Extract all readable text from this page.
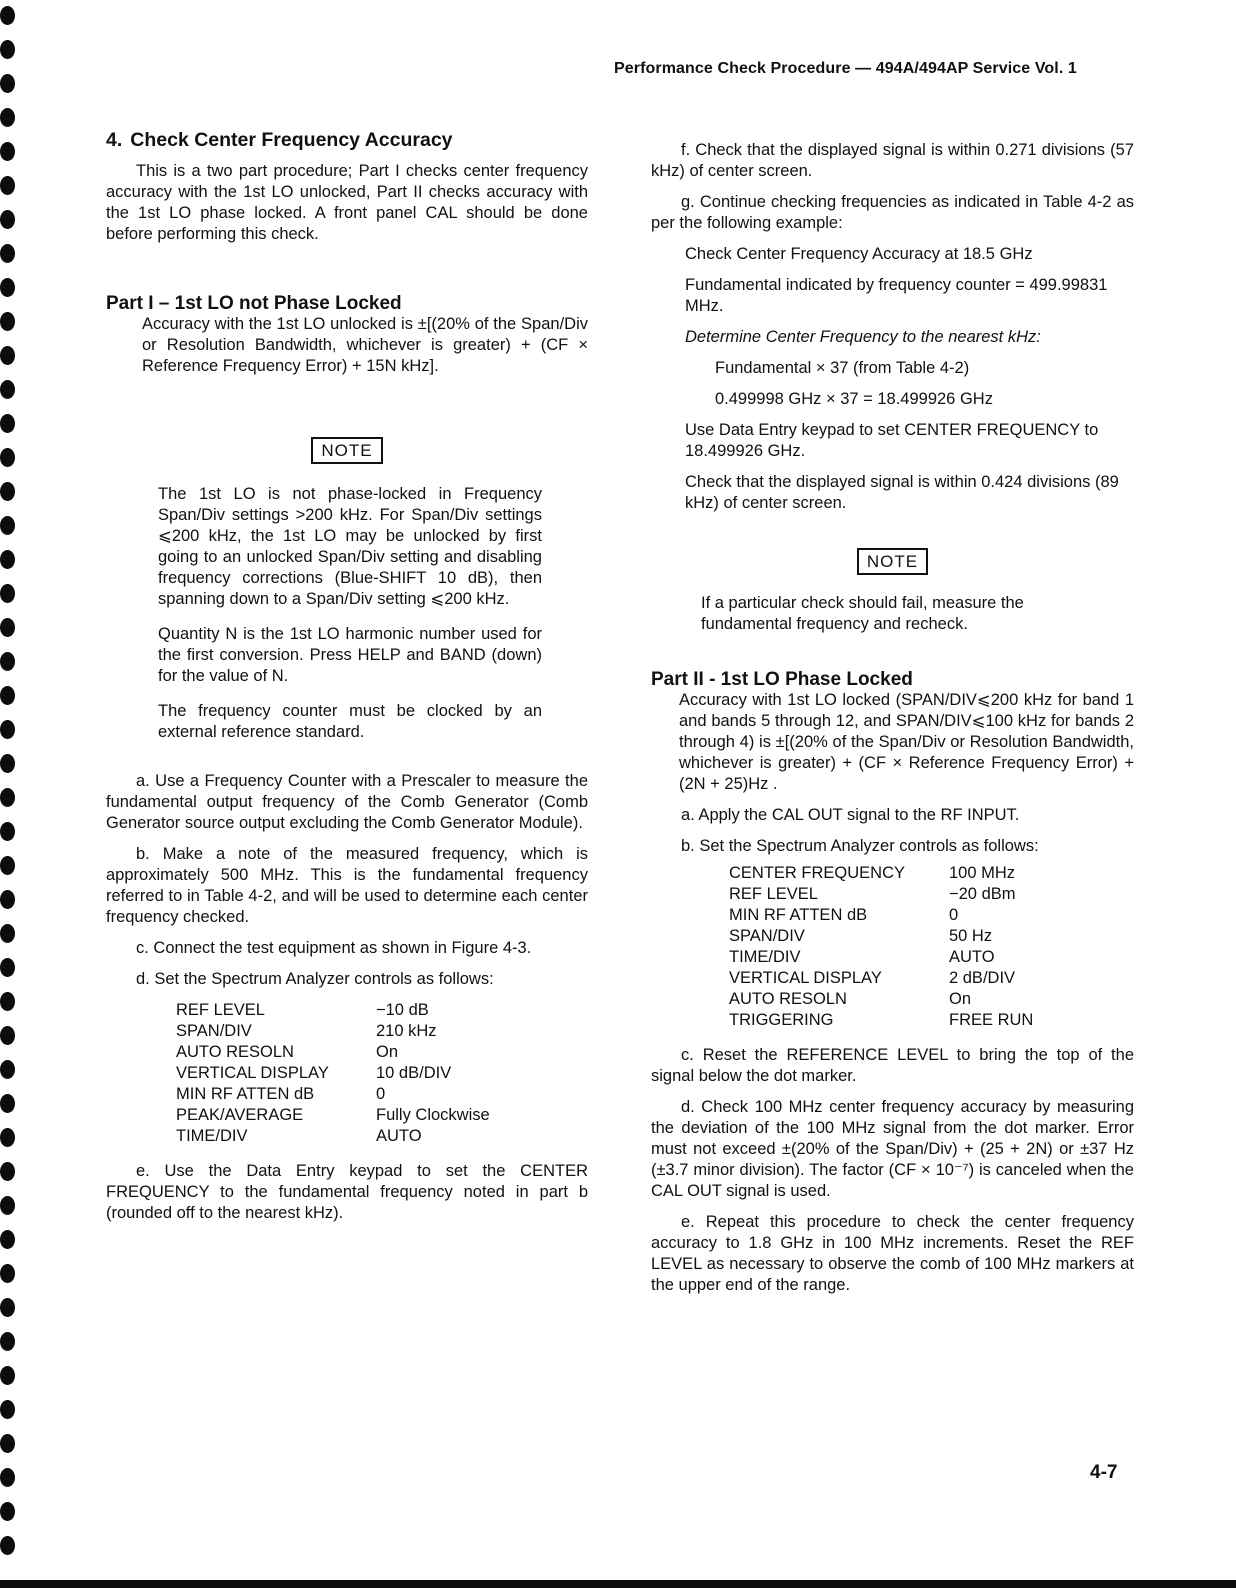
Performance Check Procedure — 494A/494AP Service Vol. 1
4. Check Center Frequency Accuracy

This is a two part procedure; Part I checks center frequency accuracy with the 1st LO unlocked, Part II checks accuracy with the 1st LO phase locked. A front panel CAL should be done before performing this check.

Part I – 1st LO not Phase Locked

Accuracy with the 1st LO unlocked is ±[(20% of the Span/Div or Resolution Bandwidth, whichever is greater) + (CF × Reference Frequency Error) + 15N kHz].

NOTE

The 1st LO is not phase-locked in Frequency Span/Div settings >200 kHz. For Span/Div settings ⩽200 kHz, the 1st LO may be unlocked by first going to an unlocked Span/Div setting and disabling frequency corrections (Blue-SHIFT 10 dB), then spanning down to a Span/Div setting ⩽200 kHz.

Quantity N is the 1st LO harmonic number used for the first conversion. Press HELP and BAND (down) for the value of N.

The frequency counter must be clocked by an external reference standard.

a. Use a Frequency Counter with a Prescaler to measure the fundamental output frequency of the Comb Generator (Comb Generator source output excluding the Comb Generator Module).

b. Make a note of the measured frequency, which is approximately 500 MHz. This is the fundamental frequency referred to in Table 4-2, and will be used to determine each center frequency checked.

c. Connect the test equipment as shown in Figure 4-3.

d. Set the Spectrum Analyzer controls as follows:

REF LEVEL	−10 dB
SPAN/DIV	210 kHz
AUTO RESOLN	On
VERTICAL DISPLAY	10 dB/DIV
MIN RF ATTEN dB	0
PEAK/AVERAGE	Fully Clockwise
TIME/DIV	AUTO

e. Use the Data Entry keypad to set the CENTER FREQUENCY to the fundamental frequency noted in part b (rounded off to the nearest kHz).

f. Check that the displayed signal is within 0.271 divisions (57 kHz) of center screen.

g. Continue checking frequencies as indicated in Table 4-2 as per the following example:

Check Center Frequency Accuracy at 18.5 GHz

Fundamental indicated by frequency counter = 499.99831 MHz.

Determine Center Frequency to the nearest kHz:

Fundamental × 37 (from Table 4-2)

0.499998 GHz × 37 = 18.499926 GHz

Use Data Entry keypad to set CENTER FREQUENCY to 18.499926 GHz.

Check that the displayed signal is within 0.424 divisions (89 kHz) of center screen.

NOTE

If a particular check should fail, measure the fundamental frequency and recheck.

Part II - 1st LO Phase Locked

Accuracy with 1st LO locked (SPAN/DIV⩽200 kHz for band 1 and bands 5 through 12, and SPAN/DIV⩽100 kHz for bands 2 through 4) is ±[(20% of the Span/Div or Resolution Bandwidth, whichever is greater) + (CF × Reference Frequency Error) + (2N + 25)Hz .

a. Apply the CAL OUT signal to the RF INPUT.

b. Set the Spectrum Analyzer controls as follows:

CENTER FREQUENCY	100 MHz
REF LEVEL	−20 dBm
MIN RF ATTEN dB	0
SPAN/DIV	50 Hz
TIME/DIV	AUTO
VERTICAL DISPLAY	2 dB/DIV
AUTO RESOLN	On
TRIGGERING	FREE RUN

c. Reset the REFERENCE LEVEL to bring the top of the signal below the dot marker.

d. Check 100 MHz center frequency accuracy by measuring the deviation of the 100 MHz signal from the dot marker. Error must not exceed ±(20% of the Span/Div) + (25 + 2N) or ±37 Hz (±3.7 minor division). The factor (CF × 10⁻⁷) is canceled when the CAL OUT signal is used.

e. Repeat this procedure to check the center frequency accuracy to 1.8 GHz in 100 MHz increments. Reset the REF LEVEL as necessary to observe the comb of 100 MHz markers at the upper end of the range.

4-7
